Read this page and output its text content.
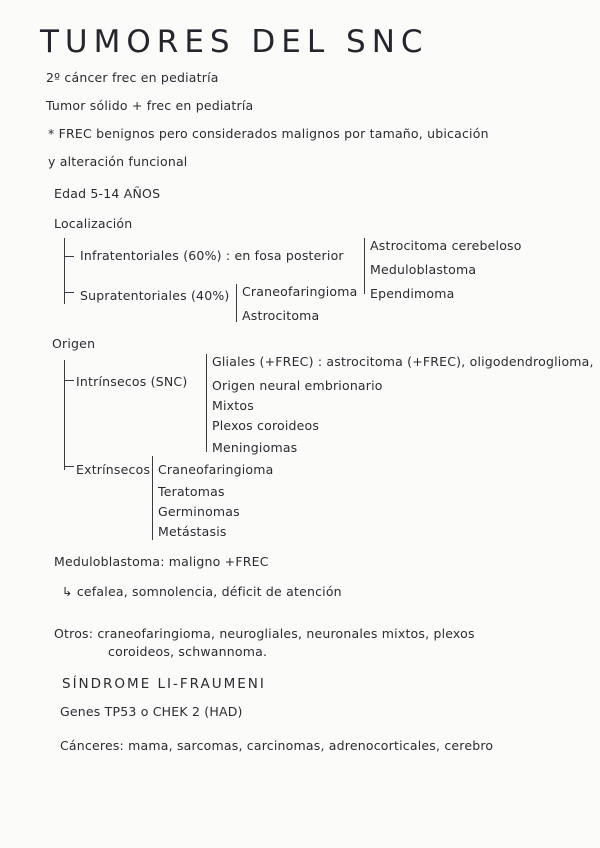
TUMORES DEL SNC
2º cáncer frec en pediatría
Tumor sólido + frec en pediatría
* FREC benignos pero considerados malignos por tamaño, ubicación
y alteración funcional
Edad 5-14 AÑOS
Localización
Infratentoriales (60%) : en fosa posterior
Astrocitoma cerebeloso
Meduloblastoma
Ependimoma
Supratentoriales (40%) Craneofaringioma
Astrocitoma
Origen
Intrínsecos (SNC)
Gliales (+FREC) : astrocitoma (+FREC), oligodendroglioma,
Origen neural embrionario
Mixtos
Plexos coroideos
Meningiomas
Extrínsecos Craneofaringioma
Teratomas
Germinomas
Metástasis
Meduloblastoma: maligno +FREC
↳ cefalea, somnolencia, déficit de atención
Otros: craneofaringioma, neurogliales, neuronales mixtos, plexos
coroideos, schwannoma.
SÍNDROME LI-FRAUMENI
Genes TP53 o CHEK 2 (HAD)
Cánceres: mama, sarcomas, carcinomas, adrenocorticales, cerebro
